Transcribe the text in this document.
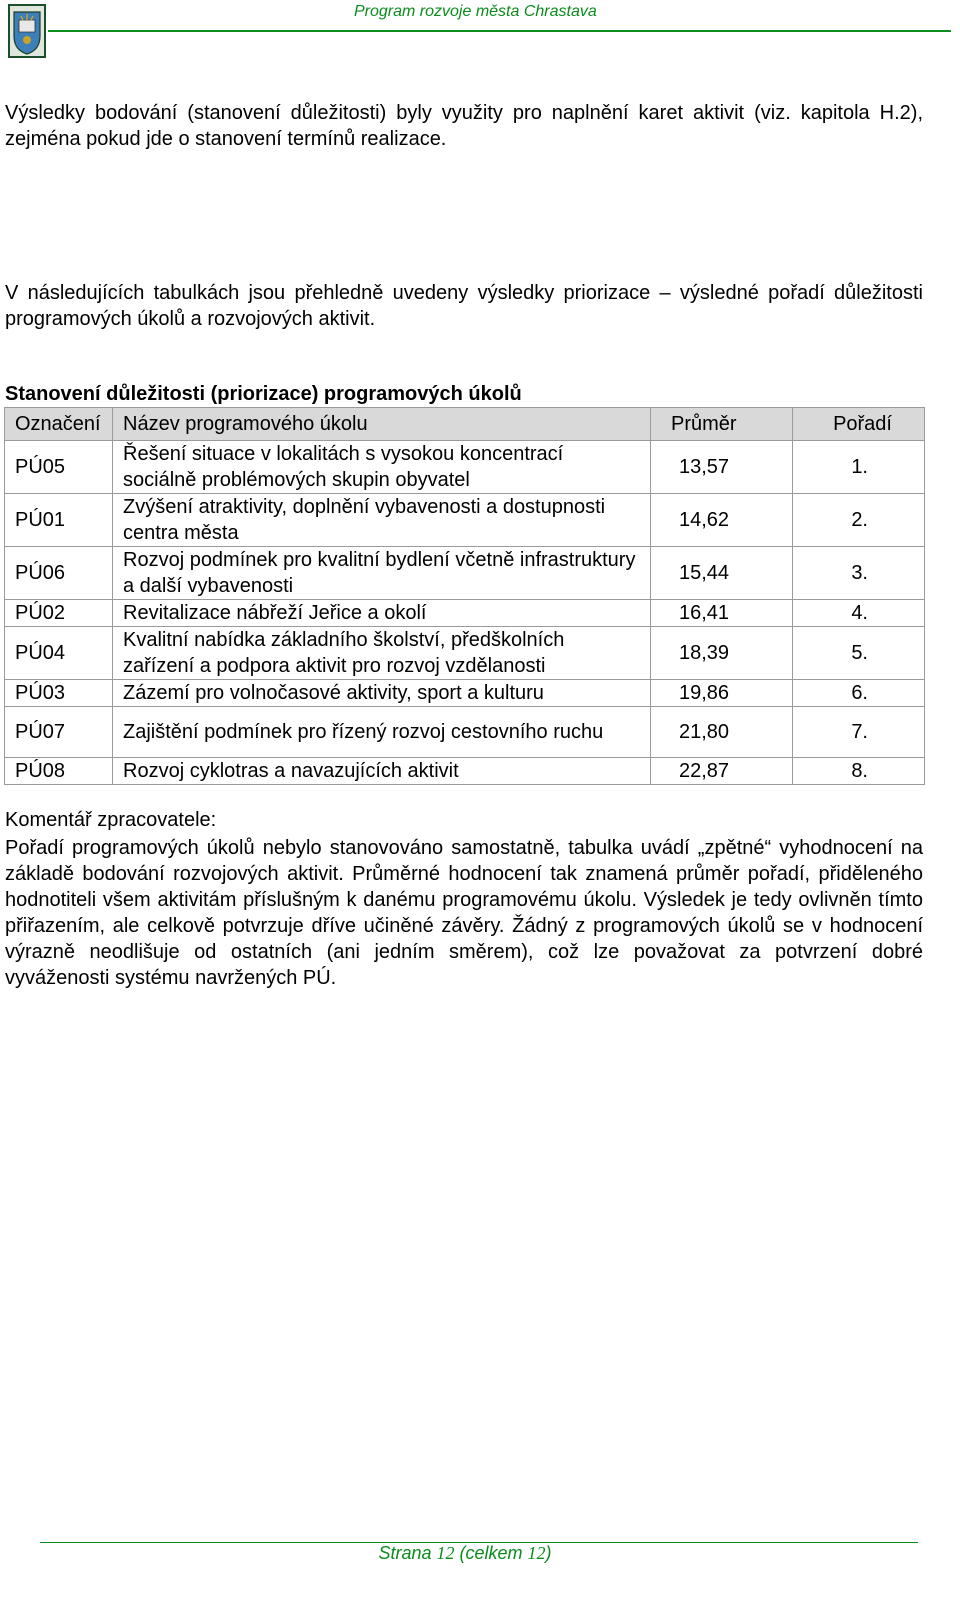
Program rozvoje města Chrastava

Výsledky bodování (stanovení důležitosti) byly využity pro naplnění karet aktivit (viz. kapitola H.2), zejména pokud jde o stanovení termínů realizace.

V následujících tabulkách jsou přehledně uvedeny výsledky priorizace – výsledné pořadí důležitosti programových úkolů a rozvojových aktivit.

Stanovení důležitosti (priorizace) programových úkolů

Označení	Název programového úkolu	Průměr	Pořadí
PÚ05	Řešení situace v lokalitách s vysokou koncentrací sociálně problémových skupin obyvatel	13,57	1.
PÚ01	Zvýšení atraktivity, doplnění vybavenosti a dostupnosti centra města	14,62	2.
PÚ06	Rozvoj podmínek pro kvalitní bydlení včetně infrastruktury a další vybavenosti	15,44	3.
PÚ02	Revitalizace nábřeží Jeřice a okolí	16,41	4.
PÚ04	Kvalitní nabídka základního školství, předškolních zařízení a podpora aktivit pro rozvoj vzdělanosti	18,39	5.
PÚ03	Zázemí pro volnočasové aktivity, sport a kulturu	19,86	6.
PÚ07	Zajištění podmínek pro řízený rozvoj cestovního ruchu	21,80	7.
PÚ08	Rozvoj cyklotras a navazujících aktivit	22,87	8.

Komentář zpracovatele:

Pořadí programových úkolů nebylo stanovováno samostatně, tabulka uvádí „zpětné“ vyhodnocení na základě bodování rozvojových aktivit. Průměrné hodnocení tak znamená průměr pořadí, přiděleného hodnotiteli všem aktivitám příslušným k danému programovému úkolu. Výsledek je tedy ovlivněn tímto přiřazením, ale celkově potvrzuje dříve učiněné závěry. Žádný z programových úkolů se v hodnocení výrazně neodlišuje od ostatních (ani jedním směrem), což lze považovat za potvrzení dobré vyváženosti systému navržených PÚ.

Strana 12 (celkem 12)
